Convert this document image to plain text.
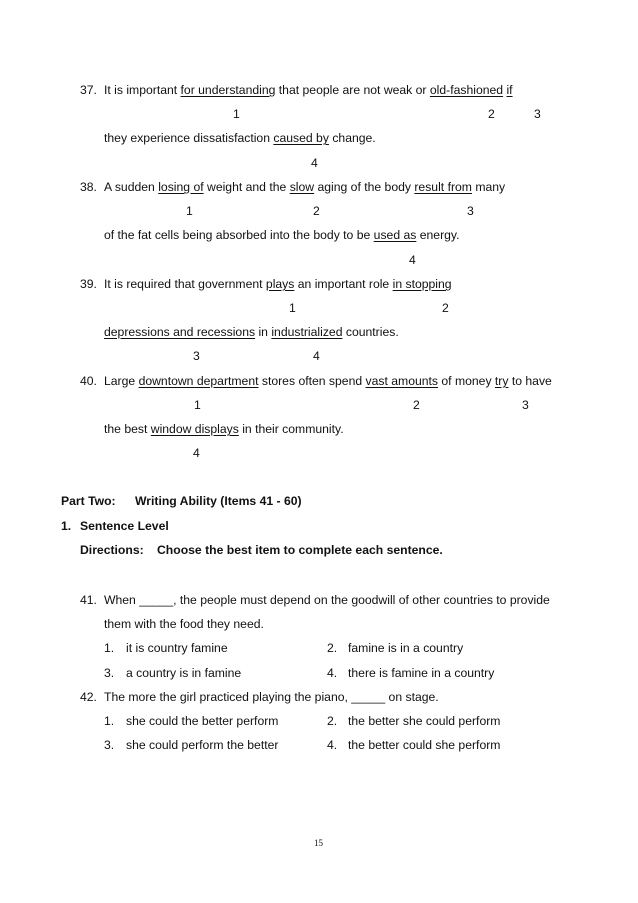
37. It is important for understanding that people are not weak or old-fashioned if
1	2	3
they experience dissatisfaction caused by change.
4
38. A sudden losing of weight and the slow aging of the body result from many
1	2	3
of the fat cells being absorbed into the body to be used as energy.
4
39. It is required that government plays an important role in stopping
1	2
depressions and recessions in industrialized countries.
3	4
40. Large downtown department stores often spend vast amounts of money try to have
1	2	3
the best window displays in their community.
4
Part Two: Writing Ability (Items 41 - 60)
1. Sentence Level
Directions: Choose the best item to complete each sentence.
41. When _____, the people must depend on the goodwill of other countries to provide
them with the food they need.
1. it is country famine	2. famine is in a country
3. a country is in famine	4. there is famine in a country
42. The more the girl practiced playing the piano, _____ on stage.
1. she could the better perform	2. the better she could perform
3. she could perform the better	4. the better could she perform
15
